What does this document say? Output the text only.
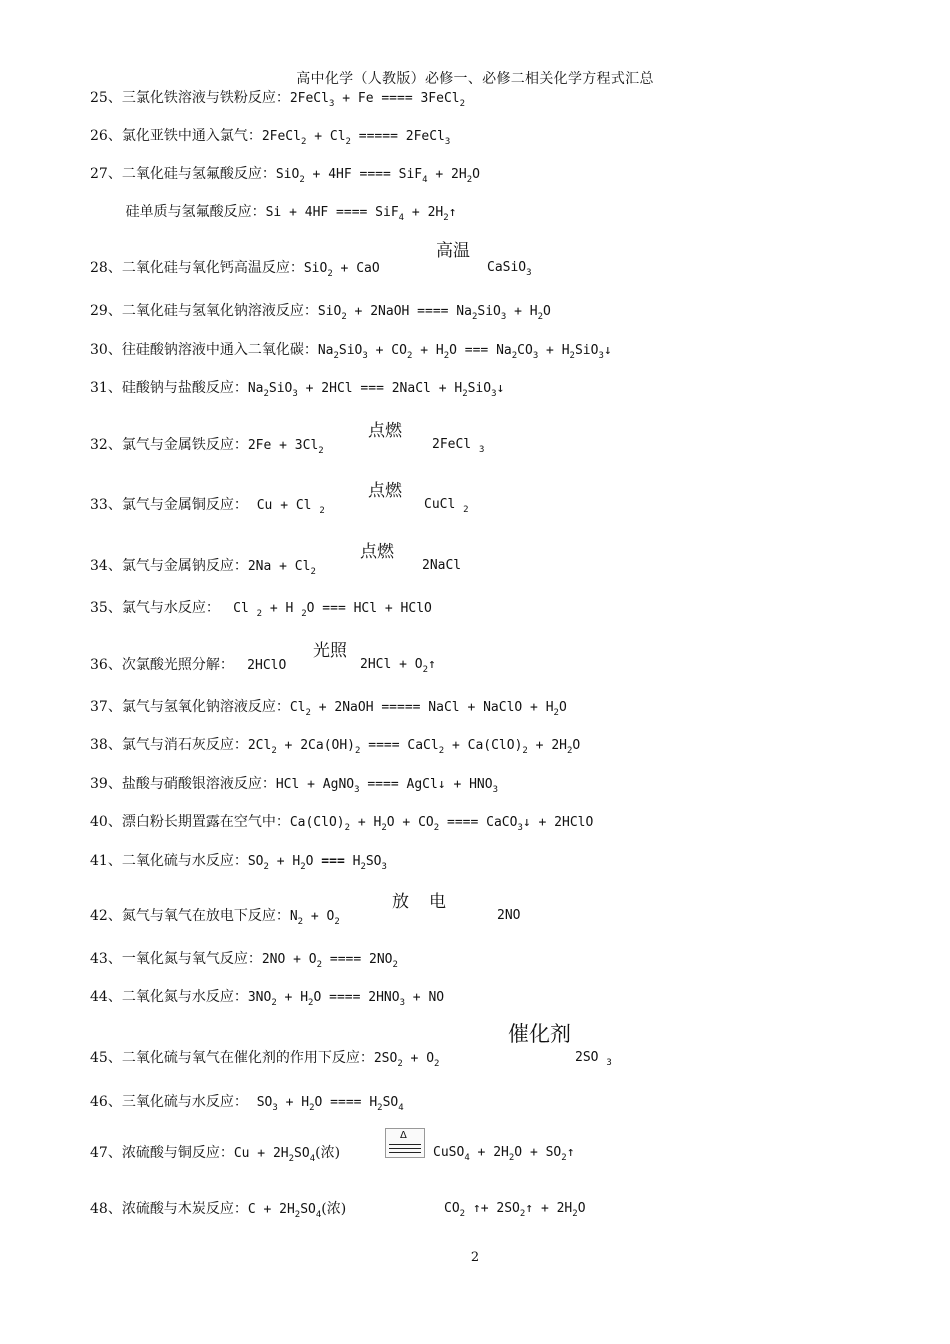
高中化学（人教版）必修一、必修二相关化学方程式汇总
25、三氯化铁溶液与铁粉反应：2FeCl$_3$ + Fe ==== 3FeCl$_2$
26、氯化亚铁中通入氯气：2FeCl$_2$ + $Cl_2$ ===== 2FeCl$_3$
27、二氧化硅与氢氟酸反应：SiO$_2$ + 4HF ==== $SiF_4 + 2H_2O$
硅单质与氢氟酸反应：Si + 4HF ==== $SiF_4 + 2H_2↑$
高温
28、二氧化硅与氧化钙高温反应：SiO$_2$ + CaO	CaSiO$_3$
29、二氧化硅与氢氧化钠溶液反应：SiO$_2$ + 2NaOH ==== $Na_2SiO_3 + H_2O$
30、往硅酸钠溶液中通入二氧化碳：$Na_2SiO_3 + CO_2 + H_2O$ === $Na_2CO_3$ + $H_2SiO_3↓$
31、硅酸钠与盐酸反应：$Na_2SiO_3 + 2HCl$ === 2NaCl + $H_2SiO_3↓$
点燃
32、氯气与金属铁反应：$2Fe + 3Cl_2$	2FeCl $_3$
点燃
33、氯气与金属铜反应：  Cu + Cl $_2$	CuCl $_2$
点燃
34、氯气与金属钠反应：$2Na + Cl_2$	2NaCl
35、氯气与水反应：   Cl $_2$ + H $_2$O === HCl + HClO
光照
36、次氯酸光照分解：   2HClO	$2HCl + O_2↑$
37、氯气与氢氧化钠溶液反应：$Cl_2$ + 2NaOH ===== NaCl + NaClO + $H_2O$
38、氯气与消石灰反应：$2Cl_2 + 2Ca(OH)_2$ ==== CaCl$_2$ + $Ca(ClO)_2 + 2H_2O$
39、盐酸与硝酸银溶液反应：HCl + AgNO$_3$ ==== AgCl↓ + $HNO_3$
40、漂白粉长期置露在空气中：$Ca(ClO)_2 + H_2O + CO_2$ ==== CaCO$_3$↓ + 2HClO
41、二氧化硫与水反应：$SO_2 + H_2O$ === $H_2SO_3$
放电
42、氮气与氧气在放电下反应：$N_2 + O_2$	2NO
43、一氧化氮与氧气反应：$2NO + O_2$ ==== $2NO_2$
44、二氧化氮与水反应：$3NO_2 + H_2O$ ==== $2HNO_3$ + NO
催化剂
45、二氧化硫与氧气在催化剂的作用下反应：$2SO_2 + O_2$	2SO $_3$
46、三氧化硫与水反应：  $SO_3 + H_2O$ ==== $H_2SO_4$
Δ
47、浓硫酸与铜反应：$Cu + 2H_2SO_4$(浓)	CuSO$_4$ + $2H_2O$ + $SO_2↑$
48、浓硫酸与木炭反应：$C + 2H_2SO_4$(浓)	$CO_2$ ↑+ $2SO_2↑ + 2H_2O$
2
